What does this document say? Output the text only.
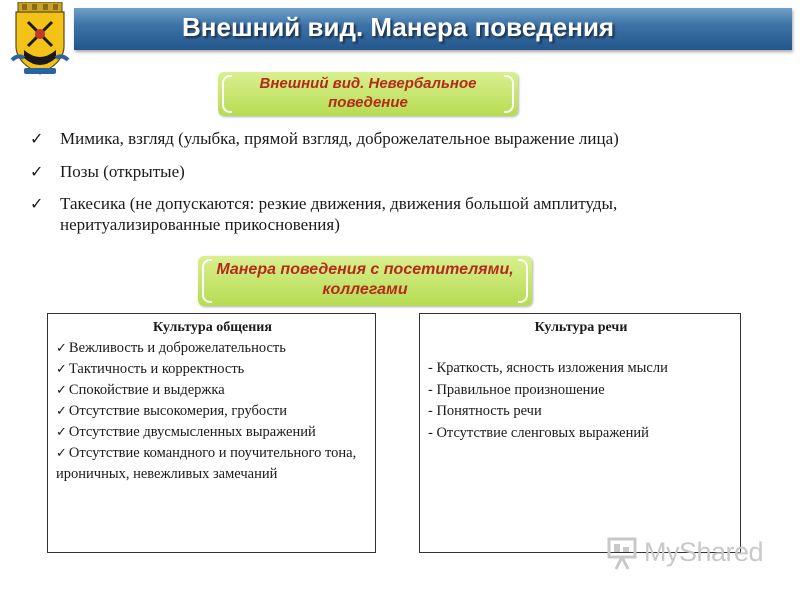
Внешний вид. Манера поведения
Внешний вид. Невербальное поведение
✓ Мимика, взгляд (улыбка, прямой взгляд, доброжелательное выражение лица)
✓ Позы (открытые)
✓ Такесика (не допускаются: резкие движения, движения большой амплитуды, неритуализированные прикосновения)
Манера поведения с посетителями, коллегами
Культура общения
✓ Вежливость и доброжелательность
✓ Тактичность и корректность
✓ Спокойствие и выдержка
✓ Отсутствие высокомерия, грубости
✓ Отсутствие двусмысленных выражений
✓ Отсутствие командного и поучительного тона, ироничных, невежливых замечаний
Культура речи
- Краткость, ясность изложения мысли
- Правильное произношение
- Понятность речи
- Отсутствие сленговых выражений
MyShared
